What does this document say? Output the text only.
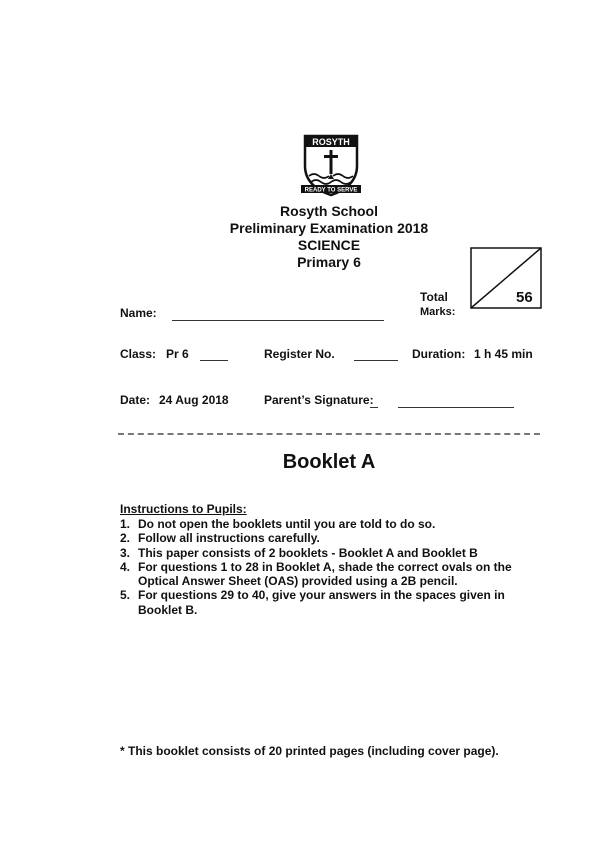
ROSYTH
READY TO SERVE
Rosyth School
Preliminary Examination 2018
SCIENCE
Primary 6
56
Total
Marks:
Name:
Class: Pr 6	Register No.	Duration: 1 h 45 min
Date: 24 Aug 2018	Parent’s Signature:
Booklet A
Instructions to Pupils:
1. Do not open the booklets until you are told to do so.
2. Follow all instructions carefully.
3. This paper consists of 2 booklets - Booklet A and Booklet B
4. For questions 1 to 28 in Booklet A, shade the correct ovals on the Optical Answer Sheet (OAS) provided using a 2B pencil.
5. For questions 29 to 40, give your answers in the spaces given in Booklet B.
* This booklet consists of 20 printed pages (including cover page).
